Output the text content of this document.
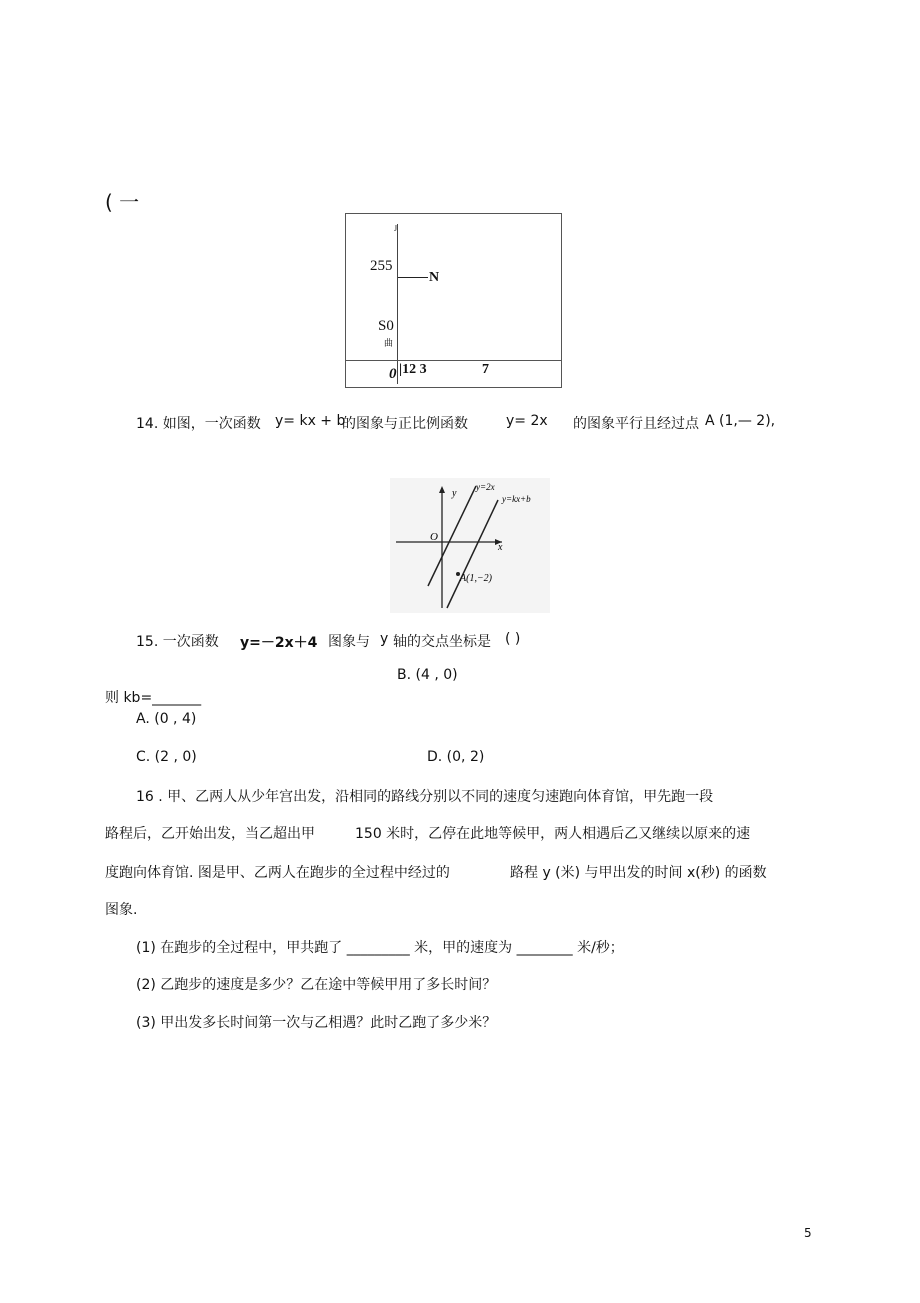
( 一
J
255
N
S0
曲
0 |12 3	7
14. 如图，一次函数 y= kx + b
的图象与正比例函数	y= 2x 的图象平行且经过点 A (1,— 2),
y
x
O
y=2x
y=kx+b
A(1,−2)
15. 一次函数 y=－2x＋4 图象与 y 轴的交点坐标是 ( )
B. (4 , 0)
则 kb=_______
A. (0 , 4)
C. (2 , 0)	D. (0, 2)
16 . 甲、乙两人从少年宫出发，沿相同的路线分别以不同的速度匀速跑向体育馆，甲先跑一段
路程后，乙开始出发，当乙超出甲	150 米时，乙停在此地等候甲，两人相遇后乙又继续以原来的速
度跑向体育馆. 图是甲、乙两人在跑步的全过程中经过的	路程 y (米) 与甲出发的时间 x(秒) 的函数
图象.
(1) 在跑步的全过程中，甲共跑了 _________ 米，甲的速度为 ________ 米/秒；
(2) 乙跑步的速度是多少？乙在途中等候甲用了多长时间？
(3) 甲出发多长时间第一次与乙相遇？此时乙跑了多少米？
5
